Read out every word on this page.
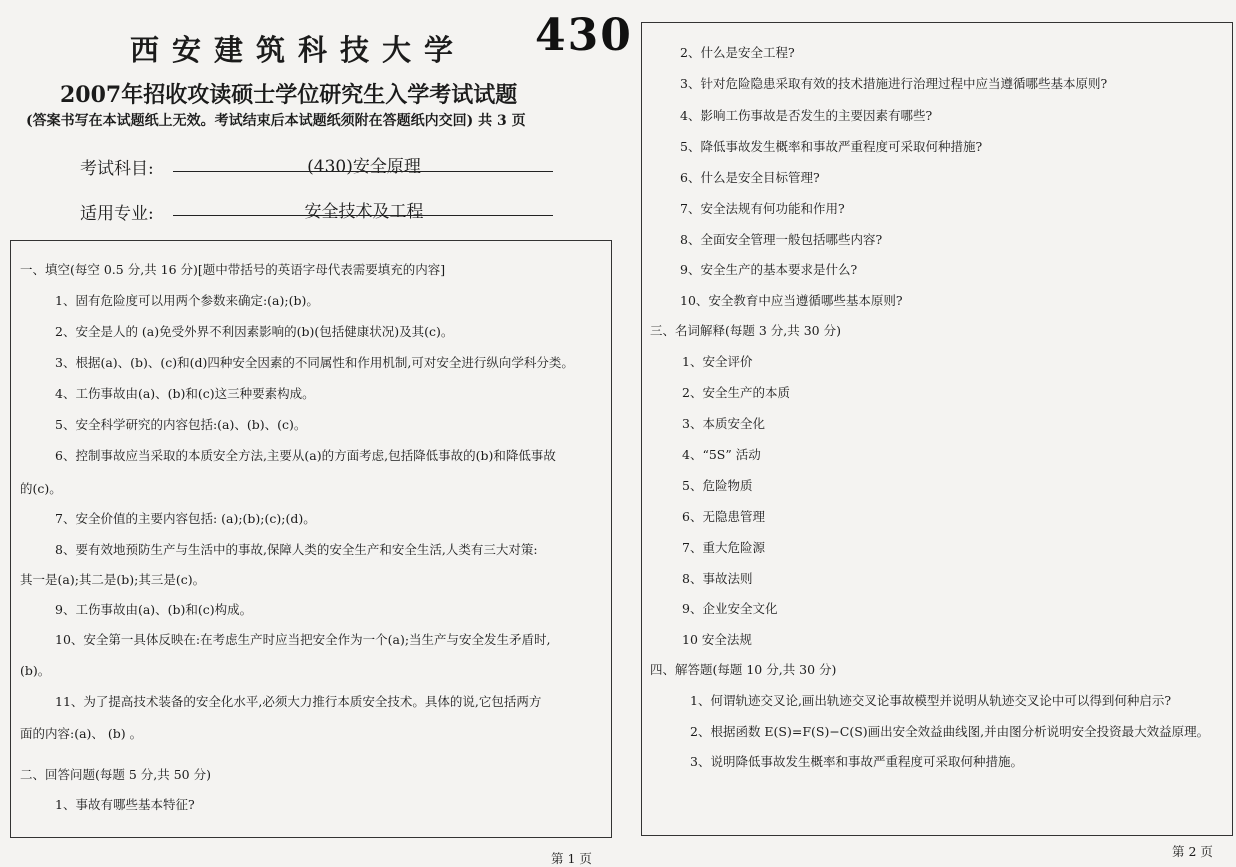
西安建筑科技大学 430
2007年招收攻读硕士学位研究生入学考试试题
(答案书写在本试题纸上无效。考试结束后本试题纸须附在答题纸内交回) 共 3 页
考试科目:	(430)安全原理
适用专业:	安全技术及工程
一、填空(每空 0.5 分,共 16 分)[题中带括号的英语字母代表需要填充的内容]
1、固有危险度可以用两个参数来确定:(a);(b)。
2、安全是人的 (a)免受外界不利因素影响的(b)(包括健康状况)及其(c)。
3、根据(a)、(b)、(c)和(d)四种安全因素的不同属性和作用机制,可对安全进行纵向学科分类。
4、工伤事故由(a)、(b)和(c)这三种要素构成。
5、安全科学研究的内容包括:(a)、(b)、(c)。
6、控制事故应当采取的本质安全方法,主要从(a)的方面考虑,包括降低事故的(b)和降低事故
的(c)。
7、安全价值的主要内容包括: (a);(b);(c);(d)。
8、要有效地预防生产与生活中的事故,保障人类的安全生产和安全生活,人类有三大对策:
其一是(a);其二是(b);其三是(c)。
9、工伤事故由(a)、(b)和(c)构成。
10、安全第一具体反映在:在考虑生产时应当把安全作为一个(a);当生产与安全发生矛盾时,
(b)。
11、为了提高技术装备的安全化水平,必须大力推行本质安全技术。具体的说,它包括两方
面的内容:(a)、 (b) 。
二、回答问题(每题 5 分,共 50 分)
1、事故有哪些基本特征?
第 1 页
2、什么是安全工程?
3、针对危险隐患采取有效的技术措施进行治理过程中应当遵循哪些基本原则?
4、影响工伤事故是否发生的主要因素有哪些?
5、降低事故发生概率和事故严重程度可采取何种措施?
6、什么是安全目标管理?
7、安全法规有何功能和作用?
8、全面安全管理一般包括哪些内容?
9、安全生产的基本要求是什么?
10、安全教育中应当遵循哪些基本原则?
三、名词解释(每题 3 分,共 30 分)
1、安全评价
2、安全生产的本质
3、本质安全化
4、“5S” 活动
5、危险物质
6、无隐患管理
7、重大危险源
8、事故法则
9、企业安全文化
10 安全法规
四、解答题(每题 10 分,共 30 分)
1、何谓轨迹交叉论,画出轨迹交叉论事故模型并说明从轨迹交叉论中可以得到何种启示?
2、根据函数 E(S)=F(S)−C(S)画出安全效益曲线图,并由图分析说明安全投资最大效益原理。
3、说明降低事故发生概率和事故严重程度可采取何种措施。
第 2 页
